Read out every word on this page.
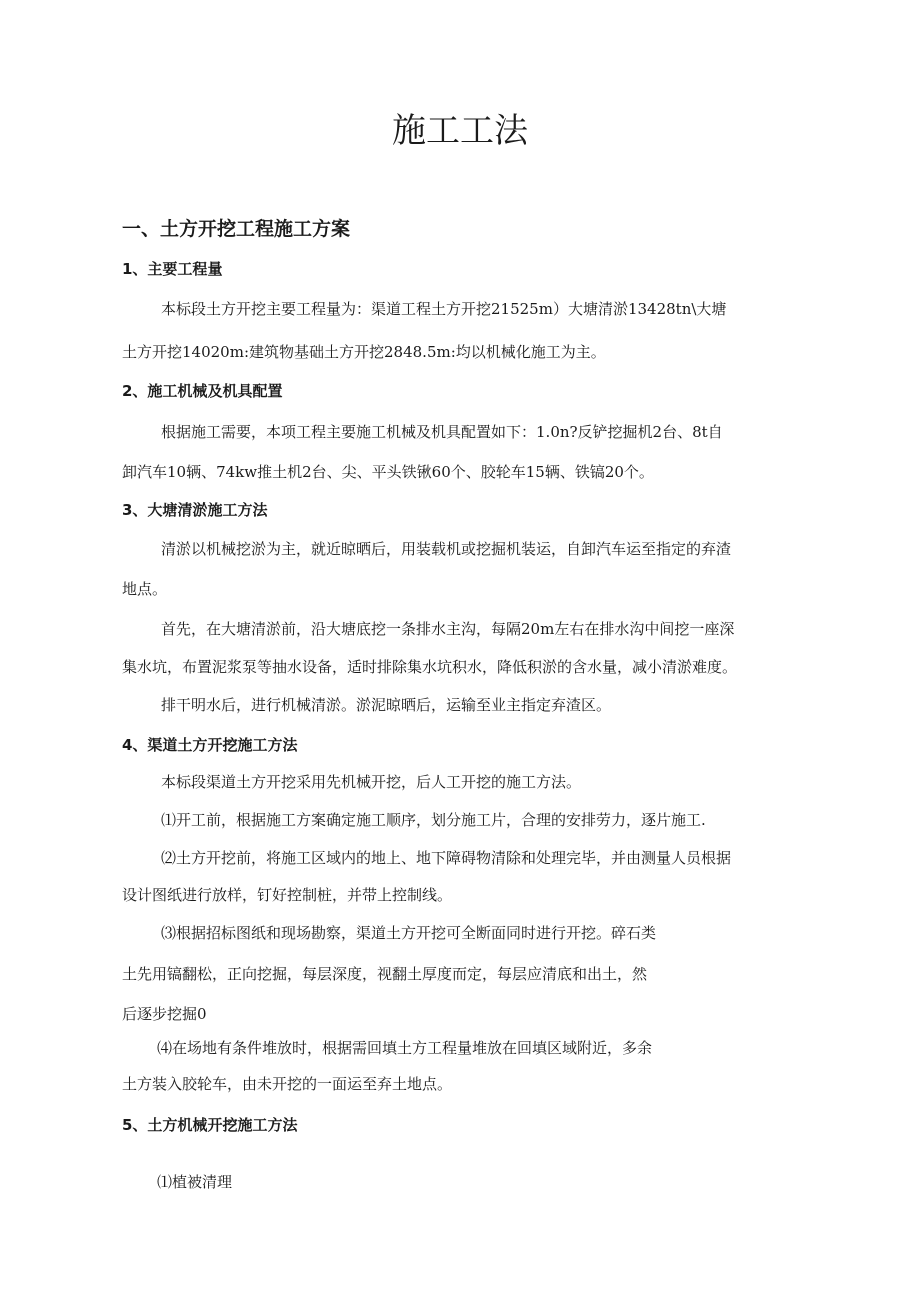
施工工法
一、土方开挖工程施工方案
1、主要工程量

本标段土方开挖主要工程量为：渠道工程土方开挖21525m）大塘清淤13428tn\大塘

土方开挖14020m:建筑物基础土方开挖2848.5m:均以机械化施工为主。

2、施工机械及机具配置

根据施工需要，本项工程主要施工机械及机具配置如下：1.0n?反铲挖掘机2台、8t自

卸汽车10辆、74kw推土机2台、尖、平头铁锹60个、胶轮车15辆、铁镐20个。

3、大塘清淤施工方法

清淤以机械挖淤为主，就近晾晒后，用装载机或挖掘机装运，自卸汽车运至指定的弃渣

地点。

首先，在大塘清淤前，沿大塘底挖一条排水主沟，每隔20m左右在排水沟中间挖一座深

集水坑，布置泥浆泵等抽水设备，适时排除集水坑积水，降低积淤的含水量，减小清淤难度。

排干明水后，进行机械清淤。淤泥晾晒后，运输至业主指定弃渣区。

4、渠道土方开挖施工方法

本标段渠道土方开挖采用先机械开挖，后人工开挖的施工方法。

⑴开工前，根据施工方案确定施工顺序，划分施工片，合理的安排劳力，逐片施工.

⑵土方开挖前，将施工区域内的地上、地下障碍物清除和处理完毕，并由测量人员根据

设计图纸进行放样，钉好控制桩，并带上控制线。

⑶根据招标图纸和现场勘察，渠道土方开挖可全断面同时进行开挖。碎石类

土先用镐翻松，正向挖掘，每层深度，视翻土厚度而定，每层应清底和出土，然

后逐步挖掘0

⑷在场地有条件堆放时，根据需回填土方工程量堆放在回填区域附近，多余

土方装入胶轮车，由未开挖的一面运至弃土地点。

5、土方机械开挖施工方法

⑴植被清理
